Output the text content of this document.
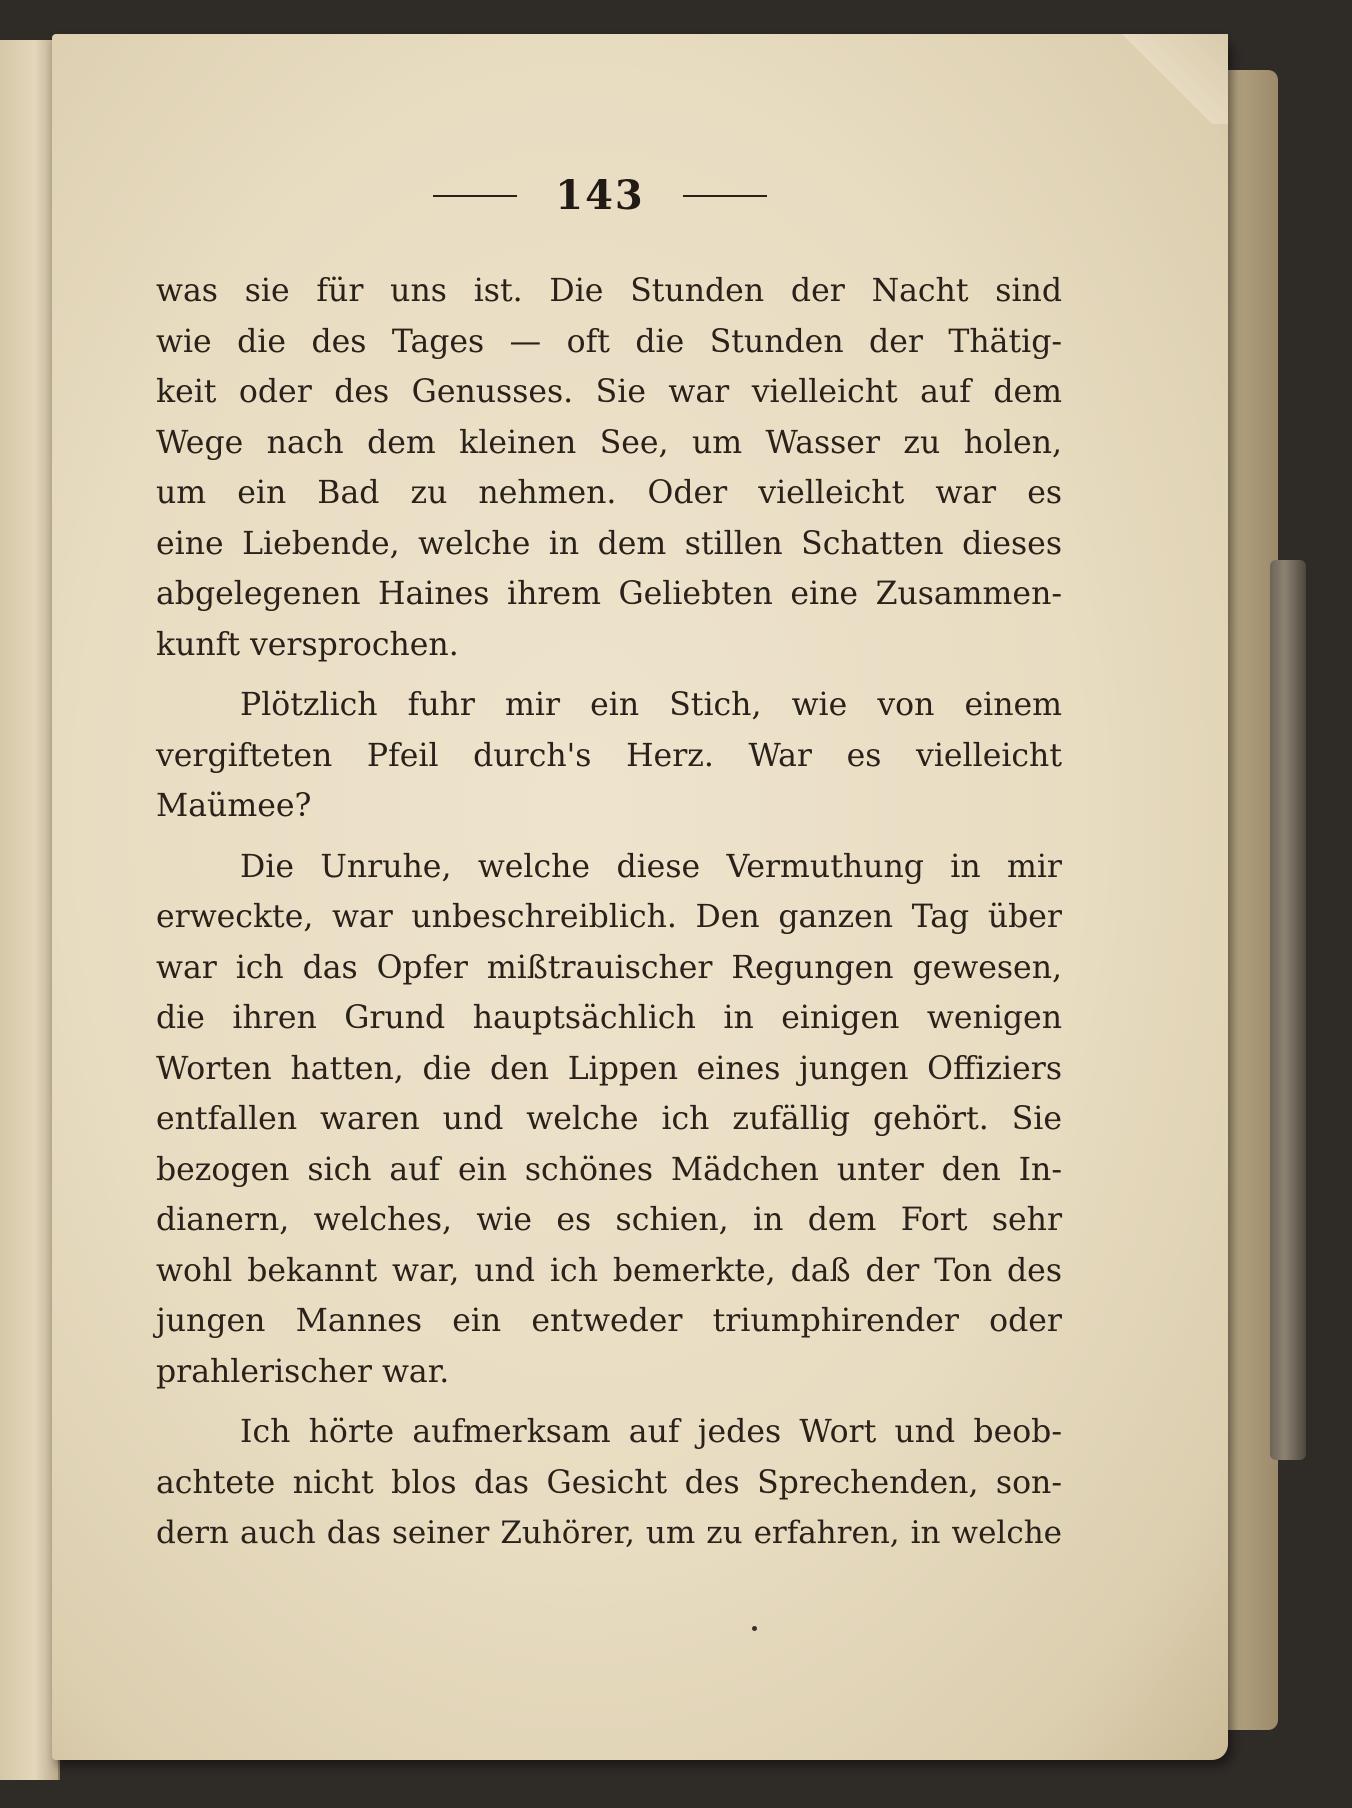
143
was sie für uns ist. Die Stunden der Nacht sind
wie die des Tages — oft die Stunden der Thätig-
keit oder des Genusses. Sie war vielleicht auf dem
Wege nach dem kleinen See, um Wasser zu holen,
um ein Bad zu nehmen. Oder vielleicht war es
eine Liebende, welche in dem stillen Schatten dieses
abgelegenen Haines ihrem Geliebten eine Zusammen-
kunft versprochen.
Plötzlich fuhr mir ein Stich, wie von einem
vergifteten Pfeil durch's Herz. War es vielleicht
Maümee?
Die Unruhe, welche diese Vermuthung in mir
erweckte, war unbeschreiblich. Den ganzen Tag über
war ich das Opfer mißtrauischer Regungen gewesen,
die ihren Grund hauptsächlich in einigen wenigen
Worten hatten, die den Lippen eines jungen Offiziers
entfallen waren und welche ich zufällig gehört. Sie
bezogen sich auf ein schönes Mädchen unter den In-
dianern, welches, wie es schien, in dem Fort sehr
wohl bekannt war, und ich bemerkte, daß der Ton des
jungen Mannes ein entweder triumphirender oder
prahlerischer war.
Ich hörte aufmerksam auf jedes Wort und beob-
achtete nicht blos das Gesicht des Sprechenden, son-
dern auch das seiner Zuhörer, um zu erfahren, in welche
